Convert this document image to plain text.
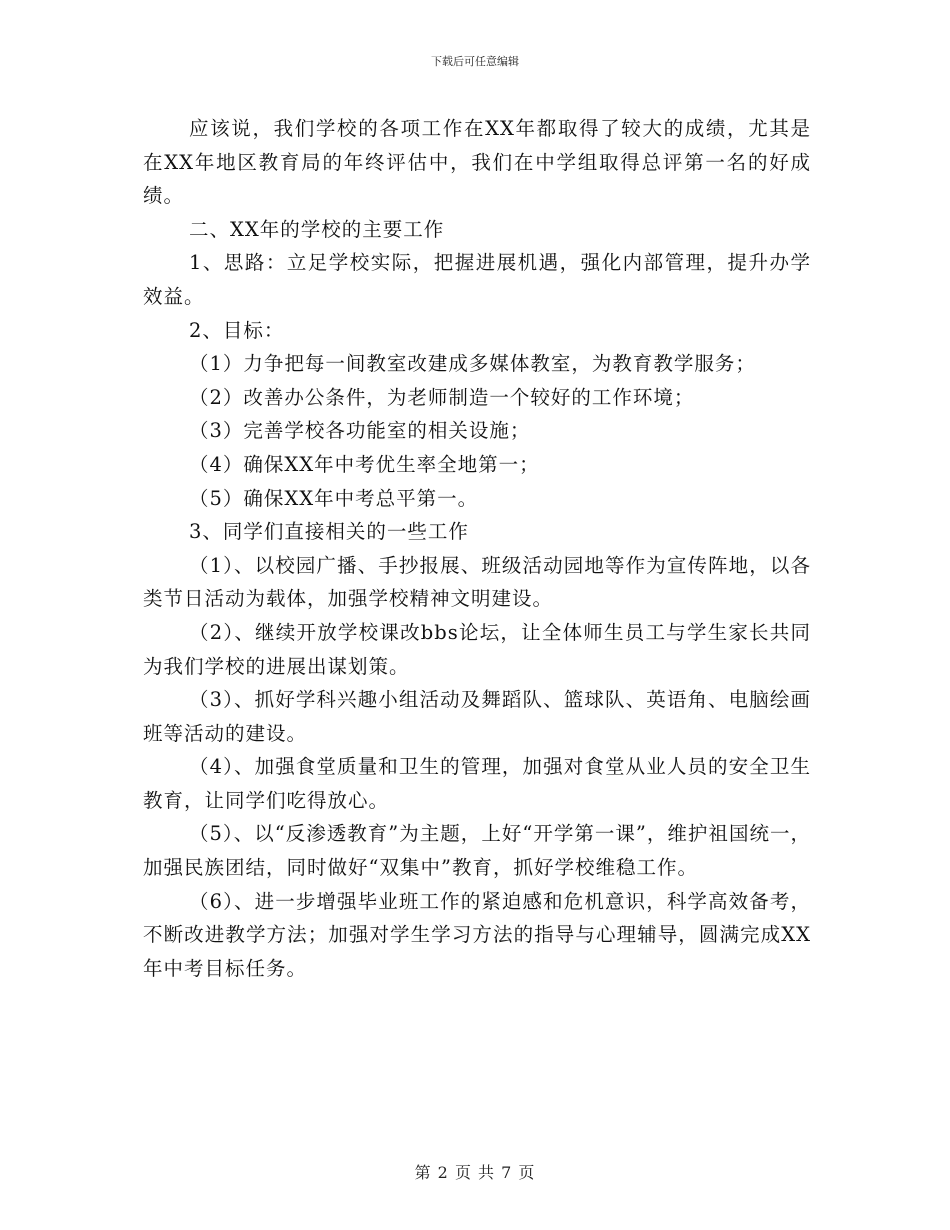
下载后可任意编辑

应该说，我们学校的各项工作在XX年都取得了较大的成绩，尤其是在XX年地区教育局的年终评估中，我们在中学组取得总评第一名的好成绩。

二、XX年的学校的主要工作

1、思路：立足学校实际，把握进展机遇，强化内部管理，提升办学效益。

2、目标：

（1）力争把每一间教室改建成多媒体教室，为教育教学服务；

（2）改善办公条件，为老师制造一个较好的工作环境；

（3）完善学校各功能室的相关设施；

（4）确保XX年中考优生率全地第一；

（5）确保XX年中考总平第一。

3、同学们直接相关的一些工作

（1）、以校园广播、手抄报展、班级活动园地等作为宣传阵地，以各类节日活动为载体，加强学校精神文明建设。

（2）、继续开放学校课改bbs论坛，让全体师生员工与学生家长共同为我们学校的进展出谋划策。

（3）、抓好学科兴趣小组活动及舞蹈队、篮球队、英语角、电脑绘画班等活动的建设。

（4）、加强食堂质量和卫生的管理，加强对食堂从业人员的安全卫生教育，让同学们吃得放心。

（5）、以“反渗透教育”为主题，上好“开学第一课”，维护祖国统一，加强民族团结，同时做好“双集中”教育，抓好学校维稳工作。

（6）、进一步增强毕业班工作的紧迫感和危机意识，科学高效备考，不断改进教学方法；加强对学生学习方法的指导与心理辅导，圆满完成XX年中考目标任务。

第 2 页 共 7 页
